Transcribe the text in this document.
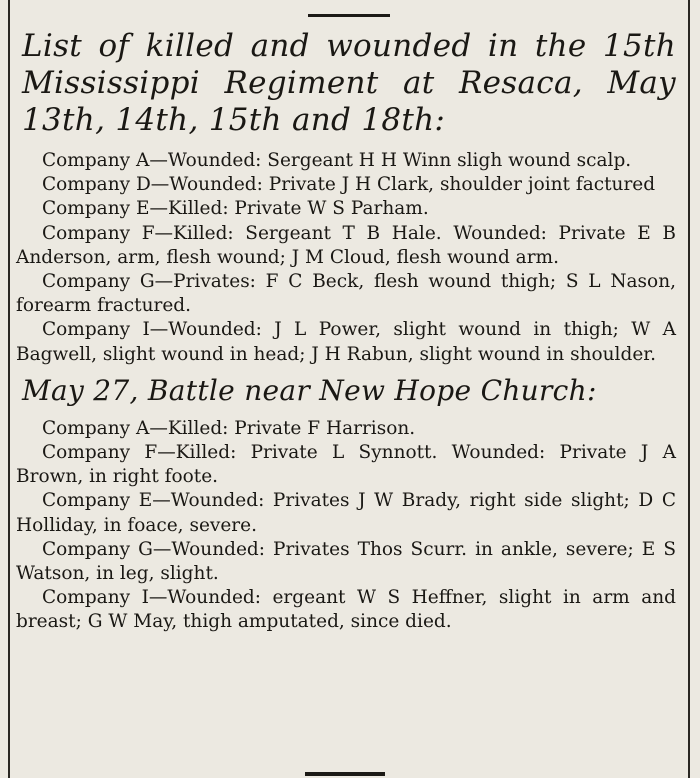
List of killed and wounded in the 15th Mississippi Regiment at Resaca, May 13th, 14th, 15th and 18th:

Company A—Wounded: Sergeant H H Winn sligh wound scalp.

Company D—Wounded: Private J H Clark, shoulder joint factured

Company E—Killed: Private W S Parham.

Company F—Killed: Sergeant T B Hale. Wounded: Private E B Anderson, arm, flesh wound; J M Cloud, flesh wound arm.

Company G—Privates: F C Beck, flesh wound thigh; S L Nason, forearm fractured.

Company I—Wounded: J L Power, slight wound in thigh; W A Bagwell, slight wound in head; J H Rabun, slight wound in shoulder.

May 27, Battle near New Hope Church:

Company A—Killed: Private F Harrison.

Company F—Killed: Private L Synnott. Wounded: Private J A Brown, in right foote.

Company E—Wounded: Privates J W Brady, right side slight; D C Holliday, in foace, severe.

Company G—Wounded: Privates Thos Scurr. in ankle, severe; E S Watson, in leg, slight.

Company I—Wounded: ergeant W S Heffner, slight in arm and breast; G W May, thigh amputated, since died.
